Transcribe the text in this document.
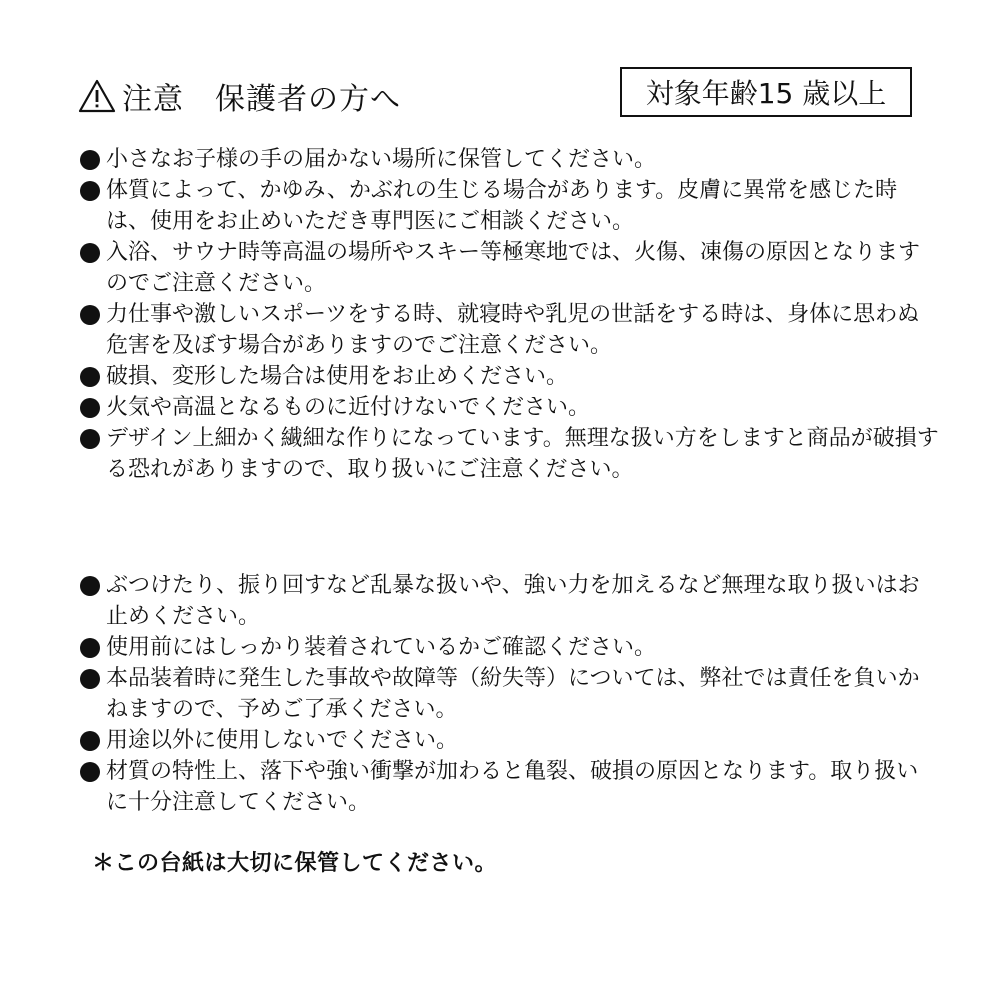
注意　保護者の方へ	対象年齢15 歳以上
小さなお子様の手の届かない場所に保管してください。
体質によって、かゆみ、かぶれの生じる場合があります。皮膚に異常を感じた時は、使用をお止めいただき専門医にご相談ください。
入浴、サウナ時等高温の場所やスキー等極寒地では、火傷、凍傷の原因となりますのでご注意ください。
力仕事や激しいスポーツをする時、就寝時や乳児の世話をする時は、身体に思わぬ危害を及ぼす場合がありますのでご注意ください。
破損、変形した場合は使用をお止めください。
火気や高温となるものに近付けないでください。
デザイン上細かく繊細な作りになっています。無理な扱い方をしますと商品が破損する恐れがありますので、取り扱いにご注意ください。
ぶつけたり、振り回すなど乱暴な扱いや、強い力を加えるなど無理な取り扱いはお止めください。
使用前にはしっかり装着されているかご確認ください。
本品装着時に発生した事故や故障等（紛失等）については、弊社では責任を負いかねますので、予めご了承ください。
用途以外に使用しないでください。
材質の特性上、落下や強い衝撃が加わると亀裂、破損の原因となります。取り扱いに十分注意してください。
＊この台紙は大切に保管してください。
